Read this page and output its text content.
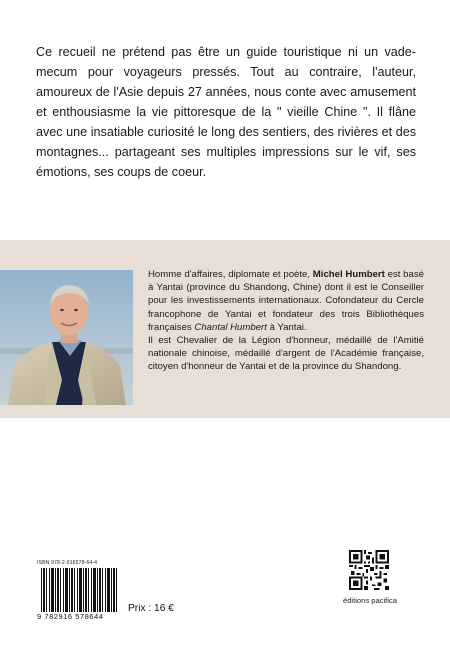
Ce recueil ne prétend pas être un guide touristique ni un vade-mecum pour voyageurs pressés. Tout au contraire, l'auteur, amoureux de l'Asie depuis 27 années, nous conte avec amusement et enthousiasme la vie pittoresque de la " vieille Chine ". Il flâne avec une insatiable curiosité le long des sentiers, des rivières et des montagnes... partageant ses multiples impressions sur le vif, ses émotions, ses coups de coeur.

Homme d'affaires, diplomate et poète, Michel Humbert est basé à Yantai (province du Shandong, Chine) dont il est le Conseiller pour les investissements internationaux. Cofondateur du Cercle francophone de Yantai et fondateur des trois Bibliothèques françaises Chantal Humbert à Yantai.

Il est Chevalier de la Légion d'honneur, médaillé de l'Amitié nationale chinoise, médaillé d'argent de l'Académie française, citoyen d'honneur de Yantai et de la province du Shandong.

ISBN 978-2-916578-64-4
9 782916 578644
Prix : 16 €
éditions pacifica
